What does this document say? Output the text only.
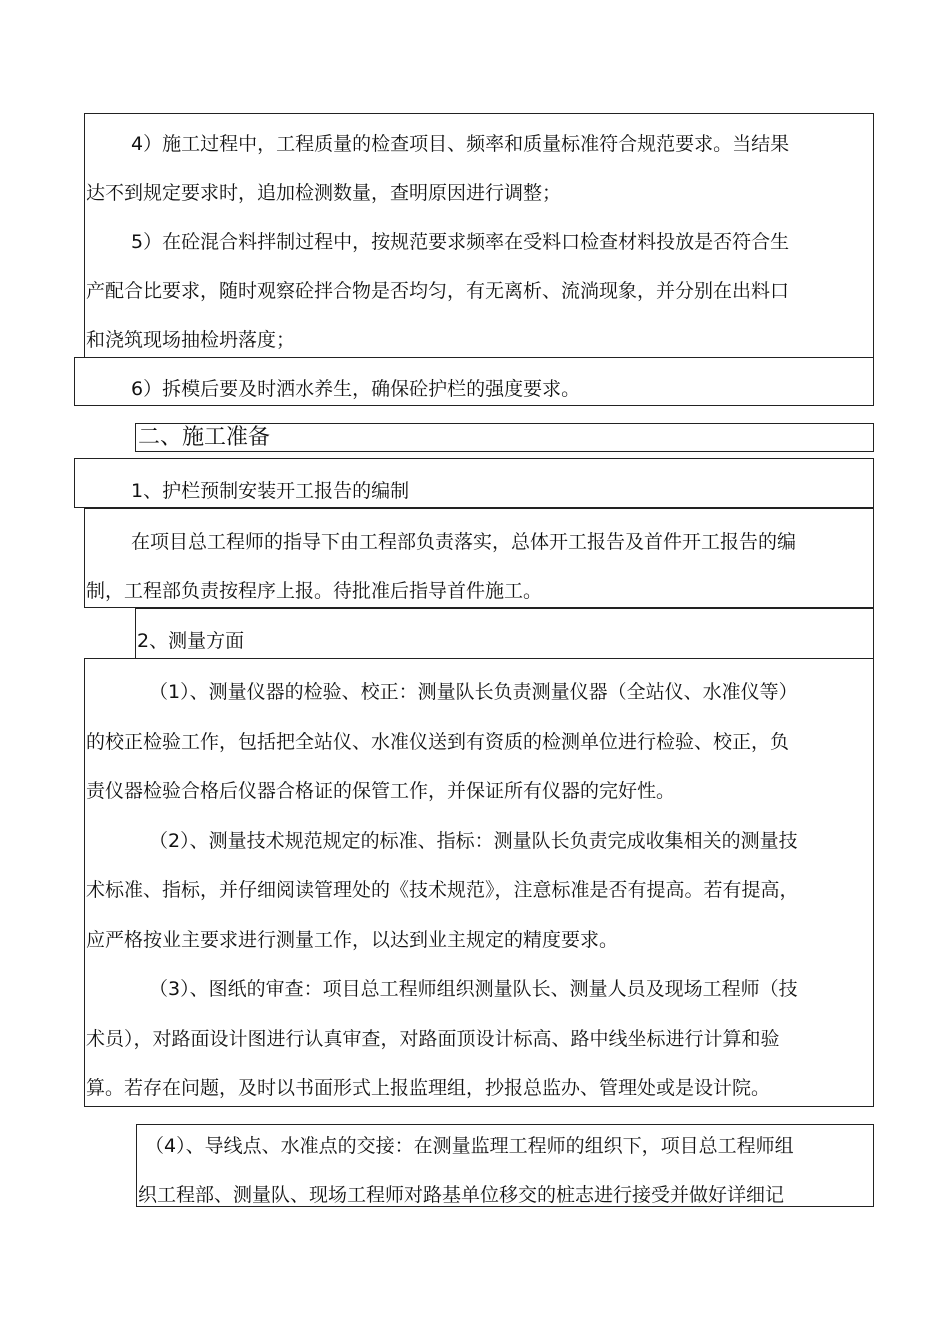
4）施工过程中，工程质量的检查项目、频率和质量标准符合规范要求。当结果
达不到规定要求时，追加检测数量，查明原因进行调整；
5）在砼混合料拌制过程中，按规范要求频率在受料口检查材料投放是否符合生
产配合比要求，随时观察砼拌合物是否均匀，有无离析、流淌现象，并分别在出料口
和浇筑现场抽检坍落度；
6）拆模后要及时洒水养生，确保砼护栏的强度要求。
二、施工准备
1、护栏预制安装开工报告的编制
在项目总工程师的指导下由工程部负责落实，总体开工报告及首件开工报告的编
制，工程部负责按程序上报。待批准后指导首件施工。
2、测量方面
（1）、测量仪器的检验、校正：测量队长负责测量仪器（全站仪、水准仪等）
的校正检验工作，包括把全站仪、水准仪送到有资质的检测单位进行检验、校正，负
责仪器检验合格后仪器合格证的保管工作，并保证所有仪器的完好性。
（2）、测量技术规范规定的标准、指标：测量队长负责完成收集相关的测量技
术标准、指标，并仔细阅读管理处的《技术规范》，注意标准是否有提高。若有提高，
应严格按业主要求进行测量工作，以达到业主规定的精度要求。
（3）、图纸的审查：项目总工程师组织测量队长、测量人员及现场工程师（技
术员），对路面设计图进行认真审查，对路面顶设计标高、路中线坐标进行计算和验
算。若存在问题，及时以书面形式上报监理组，抄报总监办、管理处或是设计院。
（4）、导线点、水准点的交接：在测量监理工程师的组织下，项目总工程师组
织工程部、测量队、现场工程师对路基单位移交的桩志进行接受并做好详细记
